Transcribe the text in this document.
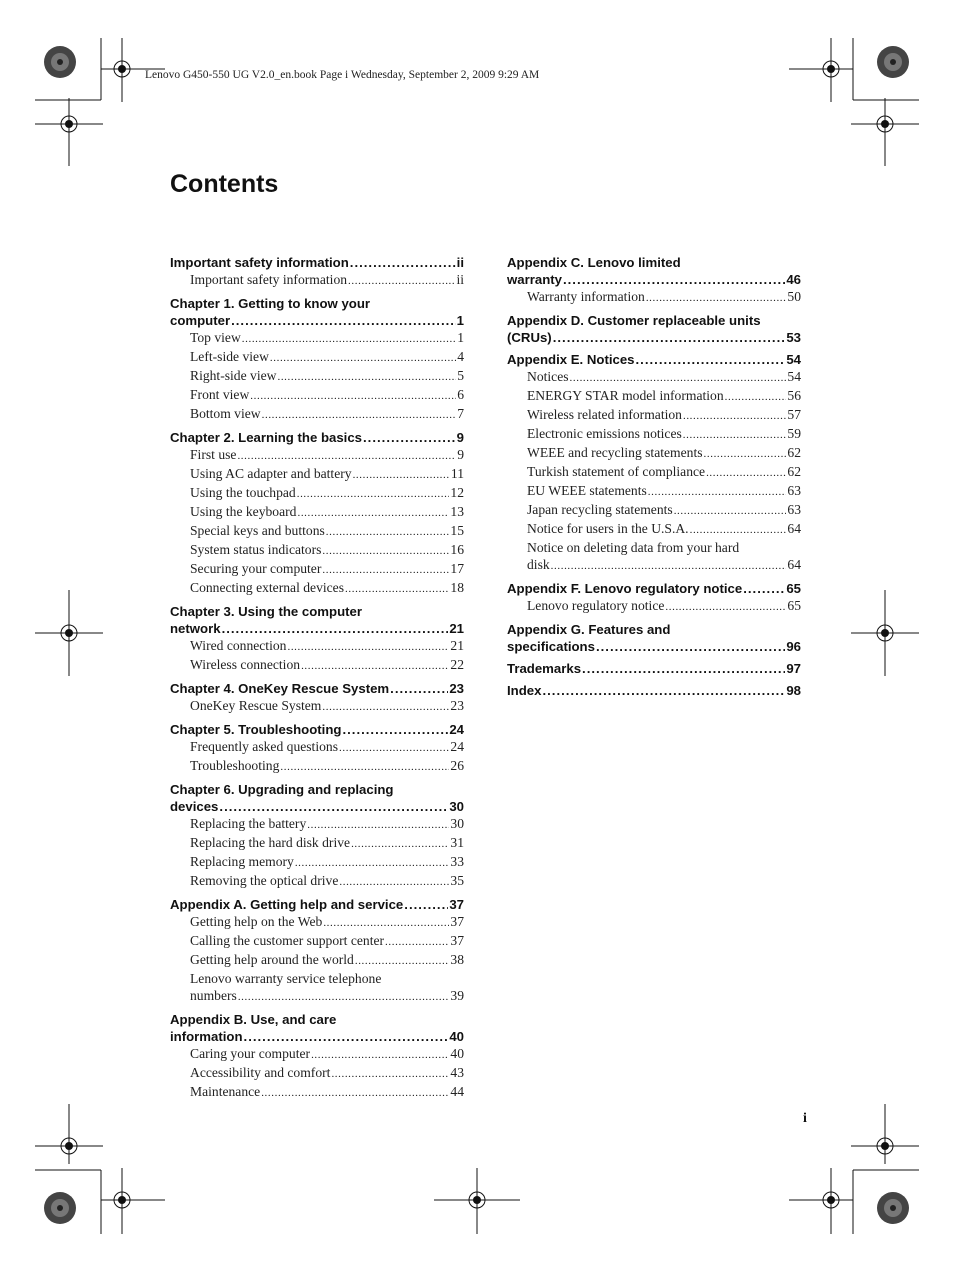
Lenovo G450-550 UG V2.0_en.book Page i Wednesday, September 2, 2009 9:29 AM
Contents
Important safety information .....	ii
Important safety information .....	ii
Chapter 1. Getting to know your
computer .....	1
Top view .....	1
Left-side view .....	4
Right-side view .....	5
Front view .....	6
Bottom view .....	7
Chapter 2. Learning the basics .....	9
First use .....	9
Using AC adapter and battery .....	11
Using the touchpad .....	12
Using the keyboard .....	13
Special keys and buttons .....	15
System status indicators .....	16
Securing your computer .....	17
Connecting external devices .....	18
Chapter 3. Using the computer
network .....	21
Wired connection .....	21
Wireless connection .....	22
Chapter 4. OneKey Rescue System .....	23
OneKey Rescue System .....	23
Chapter 5. Troubleshooting .....	24
Frequently asked questions .....	24
Troubleshooting .....	26
Chapter 6. Upgrading and replacing
devices .....	30
Replacing the battery .....	30
Replacing the hard disk drive .....	31
Replacing memory .....	33
Removing the optical drive .....	35
Appendix A. Getting help and service .....	37
Getting help on the Web .....	37
Calling the customer support center .....	37
Getting help around the world .....	38
Lenovo warranty service telephone
numbers .....	39
Appendix B. Use, and care
information .....	40
Caring your computer .....	40
Accessibility and comfort .....	43
Maintenance .....	44
Appendix C. Lenovo limited
warranty .....	46
Warranty information .....	50
Appendix D. Customer replaceable units
(CRUs) .....	53
Appendix E. Notices .....	54
Notices .....	54
ENERGY STAR model information .....	56
Wireless related information .....	57
Electronic emissions notices .....	59
WEEE and recycling statements .....	62
Turkish statement of compliance .....	62
EU WEEE statements .....	63
Japan recycling statements .....	63
Notice for users in the U.S.A. .....	64
Notice on deleting data from your hard
disk .....	64
Appendix F. Lenovo regulatory notice .....	65
Lenovo regulatory notice .....	65
Appendix G. Features and
specifications .....	96
Trademarks .....	97
Index .....	98
i
